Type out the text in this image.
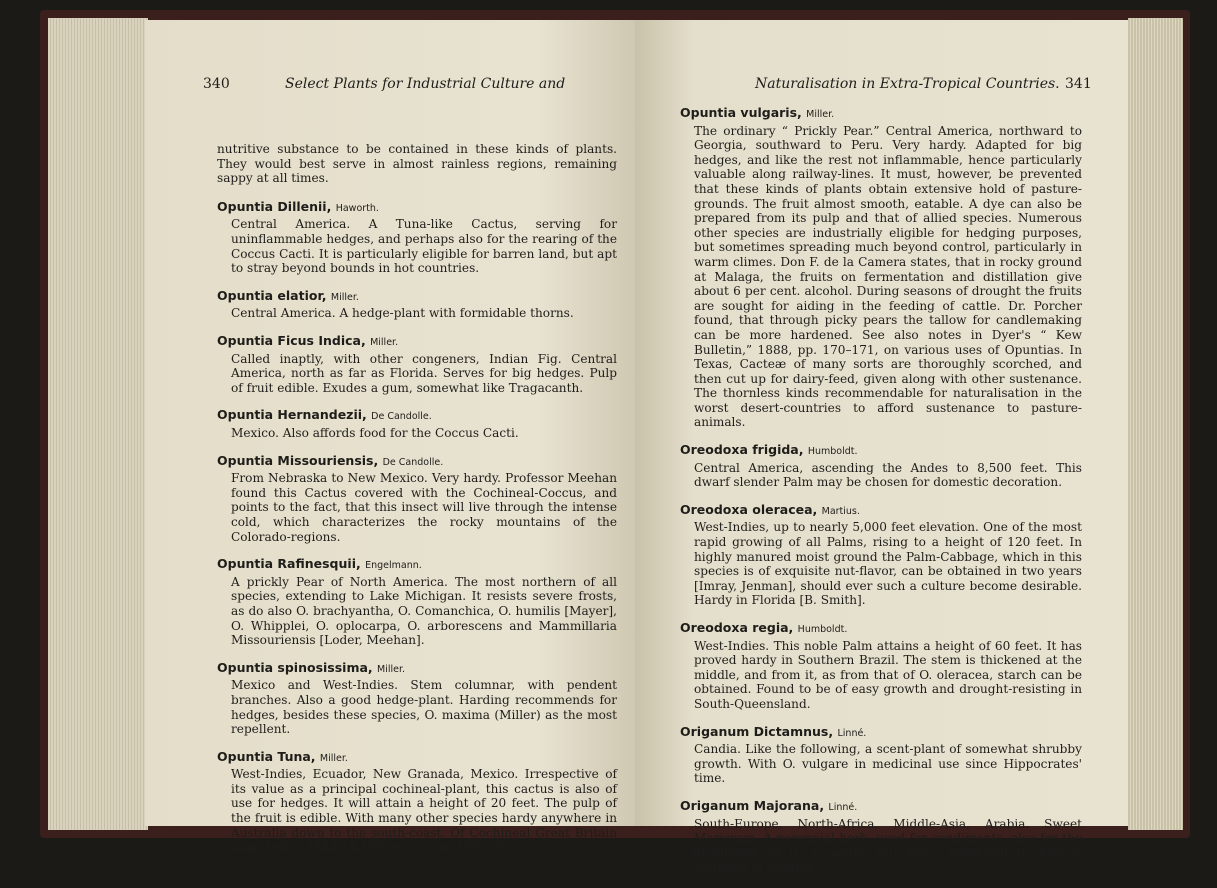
340	Select Plants for Industrial Culture and

nutritive substance to be contained in these kinds of plants. They would best serve in almost rainless regions, remaining sappy at all times.

Opuntia Dillenii, Haworth.

Central America. A Tuna-like Cactus, serving for uninflammable hedges, and perhaps also for the rearing of the Coccus Cacti. It is particularly eligible for barren land, but apt to stray beyond bounds in hot countries.

Opuntia elatior, Miller.

Central America. A hedge-plant with formidable thorns.

Opuntia Ficus Indica, Miller.

Called inaptly, with other congeners, Indian Fig. Central America, north as far as Florida. Serves for big hedges. Pulp of fruit edible. Exudes a gum, somewhat like Tragacanth.

Opuntia Hernandezii, De Candolle.

Mexico. Also affords food for the Coccus Cacti.

Opuntia Missouriensis, De Candolle.

From Nebraska to New Mexico. Very hardy. Professor Meehan found this Cactus covered with the Cochineal-Coccus, and points to the fact, that this insect will live through the intense cold, which characterizes the rocky mountains of the Colorado-regions.

Opuntia Rafinesquii, Engelmann.

A prickly Pear of North America. The most northern of all species, extending to Lake Michigan. It resists severe frosts, as do also O. brachyantha, O. Comanchica, O. humilis [Mayer], O. Whipplei, O. oplocarpa, O. arborescens and Mammillaria Missouriensis [Loder, Meehan].

Opuntia spinosissima, Miller.

Mexico and West-Indies. Stem columnar, with pendent branches. Also a good hedge-plant. Harding recommends for hedges, besides these species, O. maxima (Miller) as the most repellent.

Opuntia Tuna, Miller.

West-Indies, Ecuador, New Granada, Mexico. Irrespective of its value as a principal cochineal-plant, this cactus is also of use for hedges. It will attain a height of 20 feet. The pulp of the fruit is edible. With many other species hardy anywhere in Australia down to the south-coast. Of Cochineal Great Britain imported in 1884 14,100 cwt., value £80,000.

Naturalisation in Extra-Tropical Countries. 341
Opuntia vulgaris, Miller.

The ordinary “ Prickly Pear.” Central America, northward to Georgia, southward to Peru. Very hardy. Adapted for big hedges, and like the rest not inflammable, hence particularly valuable along railway-lines. It must, however, be prevented that these kinds of plants obtain extensive hold of pasture-grounds. The fruit almost smooth, eatable. A dye can also be prepared from its pulp and that of allied species. Numerous other species are industrially eligible for hedging purposes, but sometimes spreading much beyond control, particularly in warm climes. Don F. de la Camera states, that in rocky ground at Malaga, the fruits on fermentation and distillation give about 6 per cent. alcohol. During seasons of drought the fruits are sought for aiding in the feeding of cattle. Dr. Porcher found, that through picky pears the tallow for candlemaking can be more hardened. See also notes in Dyer's “ Kew Bulletin,” 1888, pp. 170–171, on various uses of Opuntias. In Texas, Cacteæ of many sorts are thoroughly scorched, and then cut up for dairy-feed, given along with other sustenance. The thornless kinds recommendable for naturalisation in the worst desert-countries to afford sustenance to pasture-animals.

Oreodoxa frigida, Humboldt.

Central America, ascending the Andes to 8,500 feet. This dwarf slender Palm may be chosen for domestic decoration.

Oreodoxa oleracea, Martius.

West-Indies, up to nearly 5,000 feet elevation. One of the most rapid growing of all Palms, rising to a height of 120 feet. In highly manured moist ground the Palm-Cabbage, which in this species is of exquisite nut-flavor, can be obtained in two years [Imray, Jenman], should ever such a culture become desirable. Hardy in Florida [B. Smith].

Oreodoxa regia, Humboldt.

West-Indies. This noble Palm attains a height of 60 feet. It has proved hardy in Southern Brazil. The stem is thickened at the middle, and from it, as from that of O. oleracea, starch can be obtained. Found to be of easy growth and drought-resisting in South-Queensland.

Origanum Dictamnus, Linné.

Candia. Like the following, a scent-plant of somewhat shrubby growth. With O. vulgare in medicinal use since Hippocrates' time.

Origanum Majorana, Linné.

South-Europe, North-Africa, Middle-Asia, Arabia. Sweet Marjoram. A perennial herb, used for condiments, also for the distillation of its essential oil, much employed in French factories of scented
